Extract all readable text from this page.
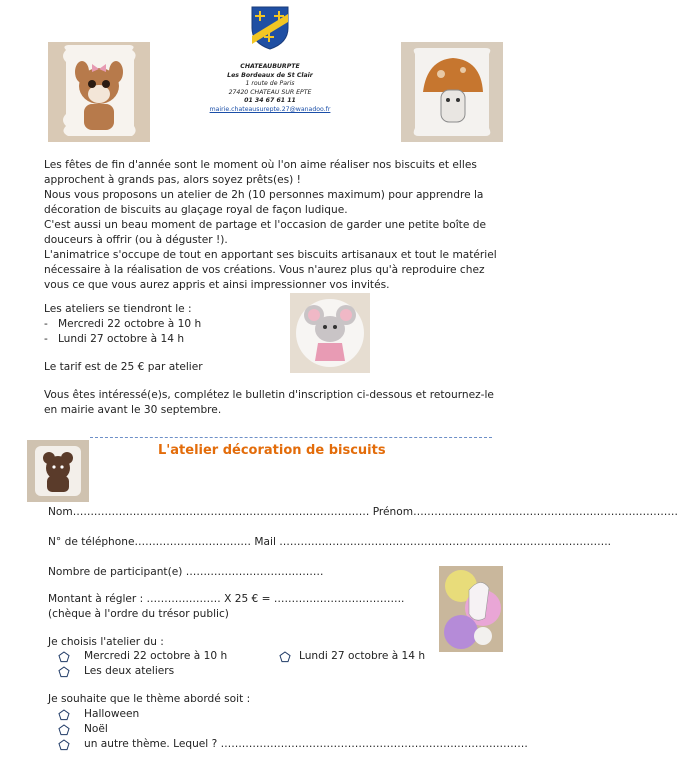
CHATEAUBURPTE
Les Bordeaux de St Clair
1 route de Paris
27420 CHATEAU SUR EPTE
01 34 67 61 11
mairie.chateausurepte.27@wanadoo.fr
Les fêtes de fin d'année sont le moment où l'on aime réaliser nos biscuits et elles approchent à grands pas, alors soyez prêts(es) !
Nous vous proposons un atelier de 2h (10 personnes maximum) pour apprendre la décoration de biscuits au glaçage royal de façon ludique.
C'est aussi un beau moment de partage et l'occasion de garder une petite boîte de douceurs à offrir (ou à déguster !).
L'animatrice s'occupe de tout en apportant ses biscuits artisanaux et tout le matériel nécessaire à la réalisation de vos créations. Vous n'aurez plus qu'à reproduire chez vous ce que vous aurez appris et ainsi impressionner vos invités.
Les ateliers se tiendront le :
-   Mercredi 22 octobre à 10 h
-   Lundi 27 octobre à 14 h
Le tarif est de 25 € par atelier
Vous êtes intéressé(e)s, complétez le bulletin d'inscription ci-dessous et retournez-le en mairie avant le 30 septembre.
L'atelier décoration de biscuits
Nom………………………………………………………………………… Prénom…………………………………………………………………
N° de téléphone…………………………… Mail ………………………………………………………………………………….
Nombre de participant(e) …………………………………
Montant à régler : ………………… X 25 € = ……………………………….
(chèque à l'ordre du trésor public)
Je choisis l'atelier du :
Mercredi 22 octobre à 10 h	Lundi 27 octobre à 14 h
Les deux ateliers
Je souhaite que le thème abordé soit :
Halloween
Noël
un autre thème. Lequel ? ……………………………………………………………………………
